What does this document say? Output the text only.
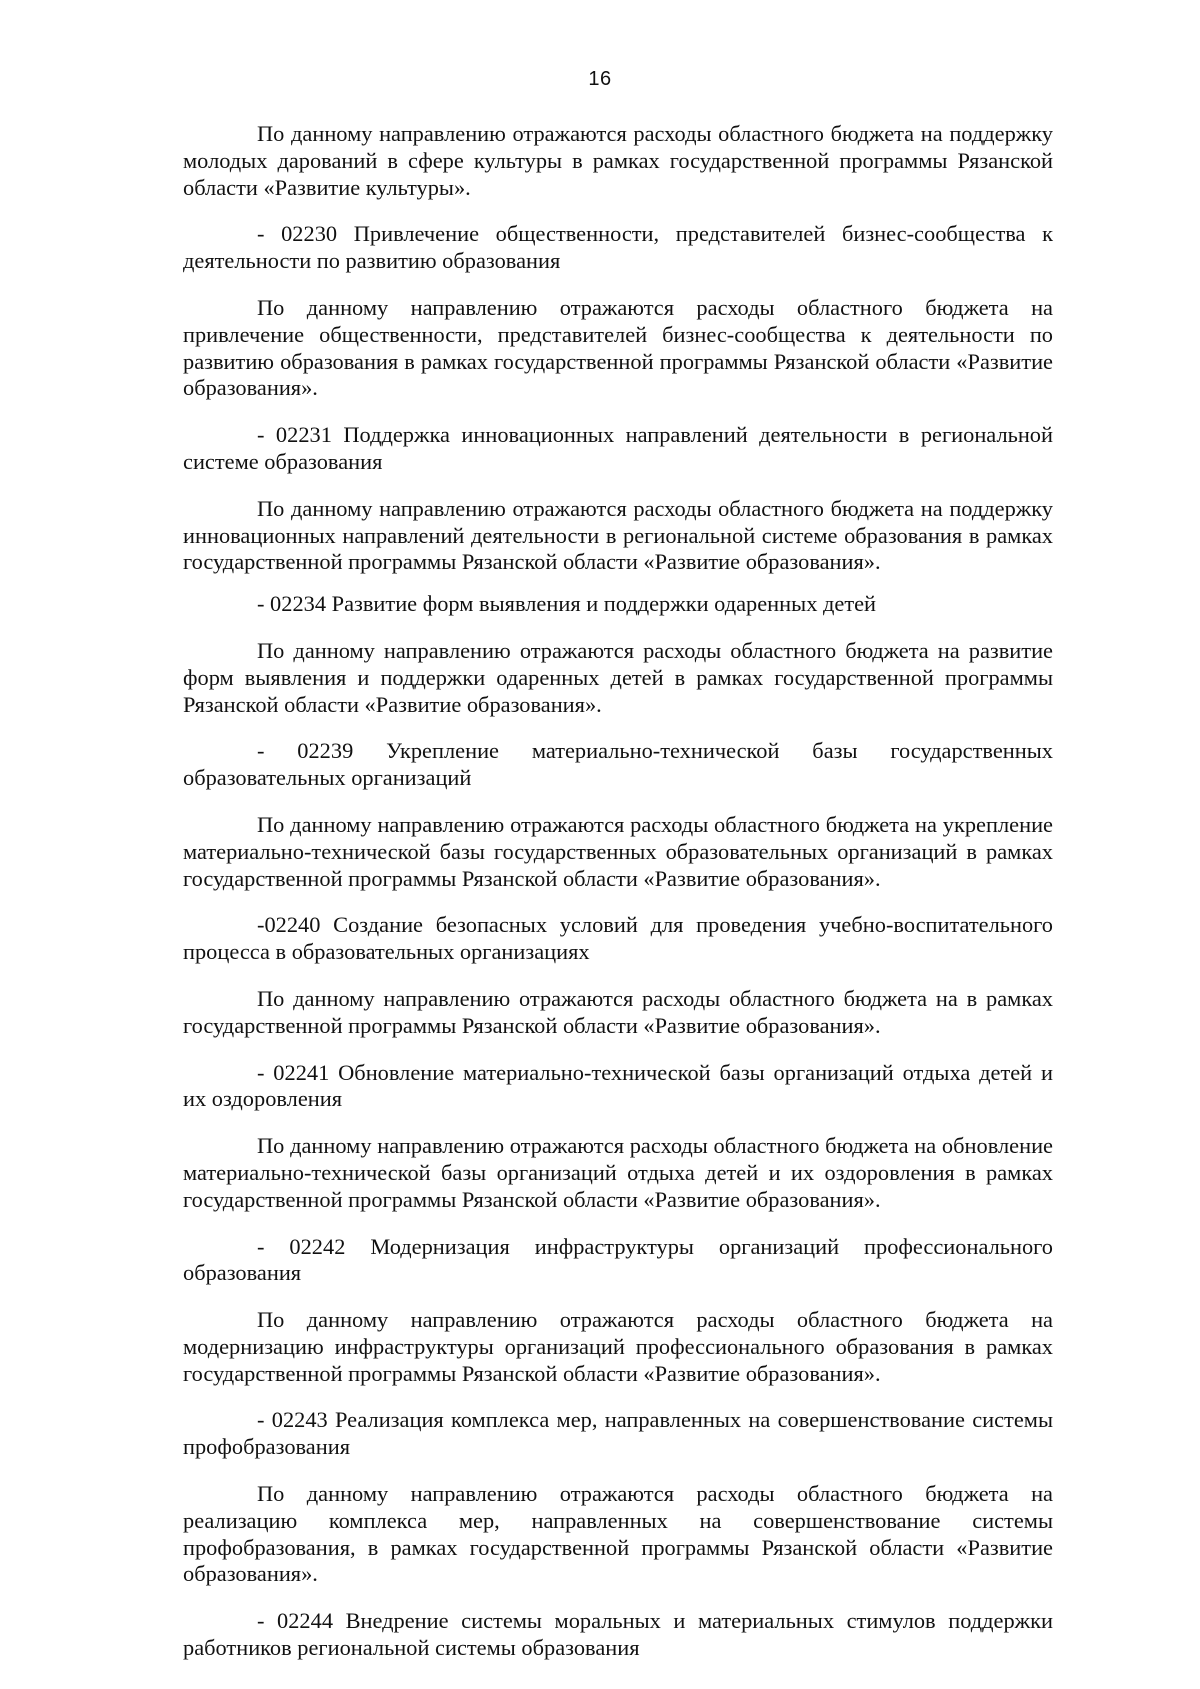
16

По данному направлению отражаются расходы областного бюджета на поддержку молодых дарований в сфере культуры в рамках государственной программы Рязанской области «Развитие культуры».

- 02230 Привлечение общественности, представителей бизнес-сообщества к деятельности по развитию образования

По данному направлению отражаются расходы областного бюджета на привлечение общественности, представителей бизнес-сообщества к деятельности по развитию образования в рамках государственной программы Рязанской области «Развитие образования».

- 02231 Поддержка инновационных направлений деятельности в региональной системе образования

По данному направлению отражаются расходы областного бюджета на поддержку инновационных направлений деятельности в региональной системе образования в рамках государственной программы Рязанской области «Развитие образования».

- 02234 Развитие форм выявления и поддержки одаренных детей

По данному направлению отражаются расходы областного бюджета на развитие форм выявления и поддержки одаренных детей в рамках государственной программы Рязанской области «Развитие образования».

- 02239 Укрепление материально-технической базы государственных образовательных организаций

По данному направлению отражаются расходы областного бюджета на укрепление материально-технической базы государственных образовательных организаций в рамках государственной программы Рязанской области «Развитие образования».

-02240 Создание безопасных условий для проведения учебно-воспитательного процесса в образовательных организациях

По данному направлению отражаются расходы областного бюджета на в рамках государственной программы Рязанской области «Развитие образования».

- 02241 Обновление материально-технической базы организаций отдыха детей и их оздоровления

По данному направлению отражаются расходы областного бюджета на обновление материально-технической базы организаций отдыха детей и их оздоровления в рамках государственной программы Рязанской области «Развитие образования».

- 02242 Модернизация инфраструктуры организаций профессионального образования

По данному направлению отражаются расходы областного бюджета на модернизацию инфраструктуры организаций профессионального образования в рамках государственной программы Рязанской области «Развитие образования».

- 02243 Реализация комплекса мер, направленных на совершенствование системы профобразования

По данному направлению отражаются расходы областного бюджета на реализацию комплекса мер, направленных на совершенствование системы профобразования, в рамках государственной программы Рязанской области «Развитие образования».

- 02244 Внедрение системы моральных и материальных стимулов поддержки работников региональной системы образования
